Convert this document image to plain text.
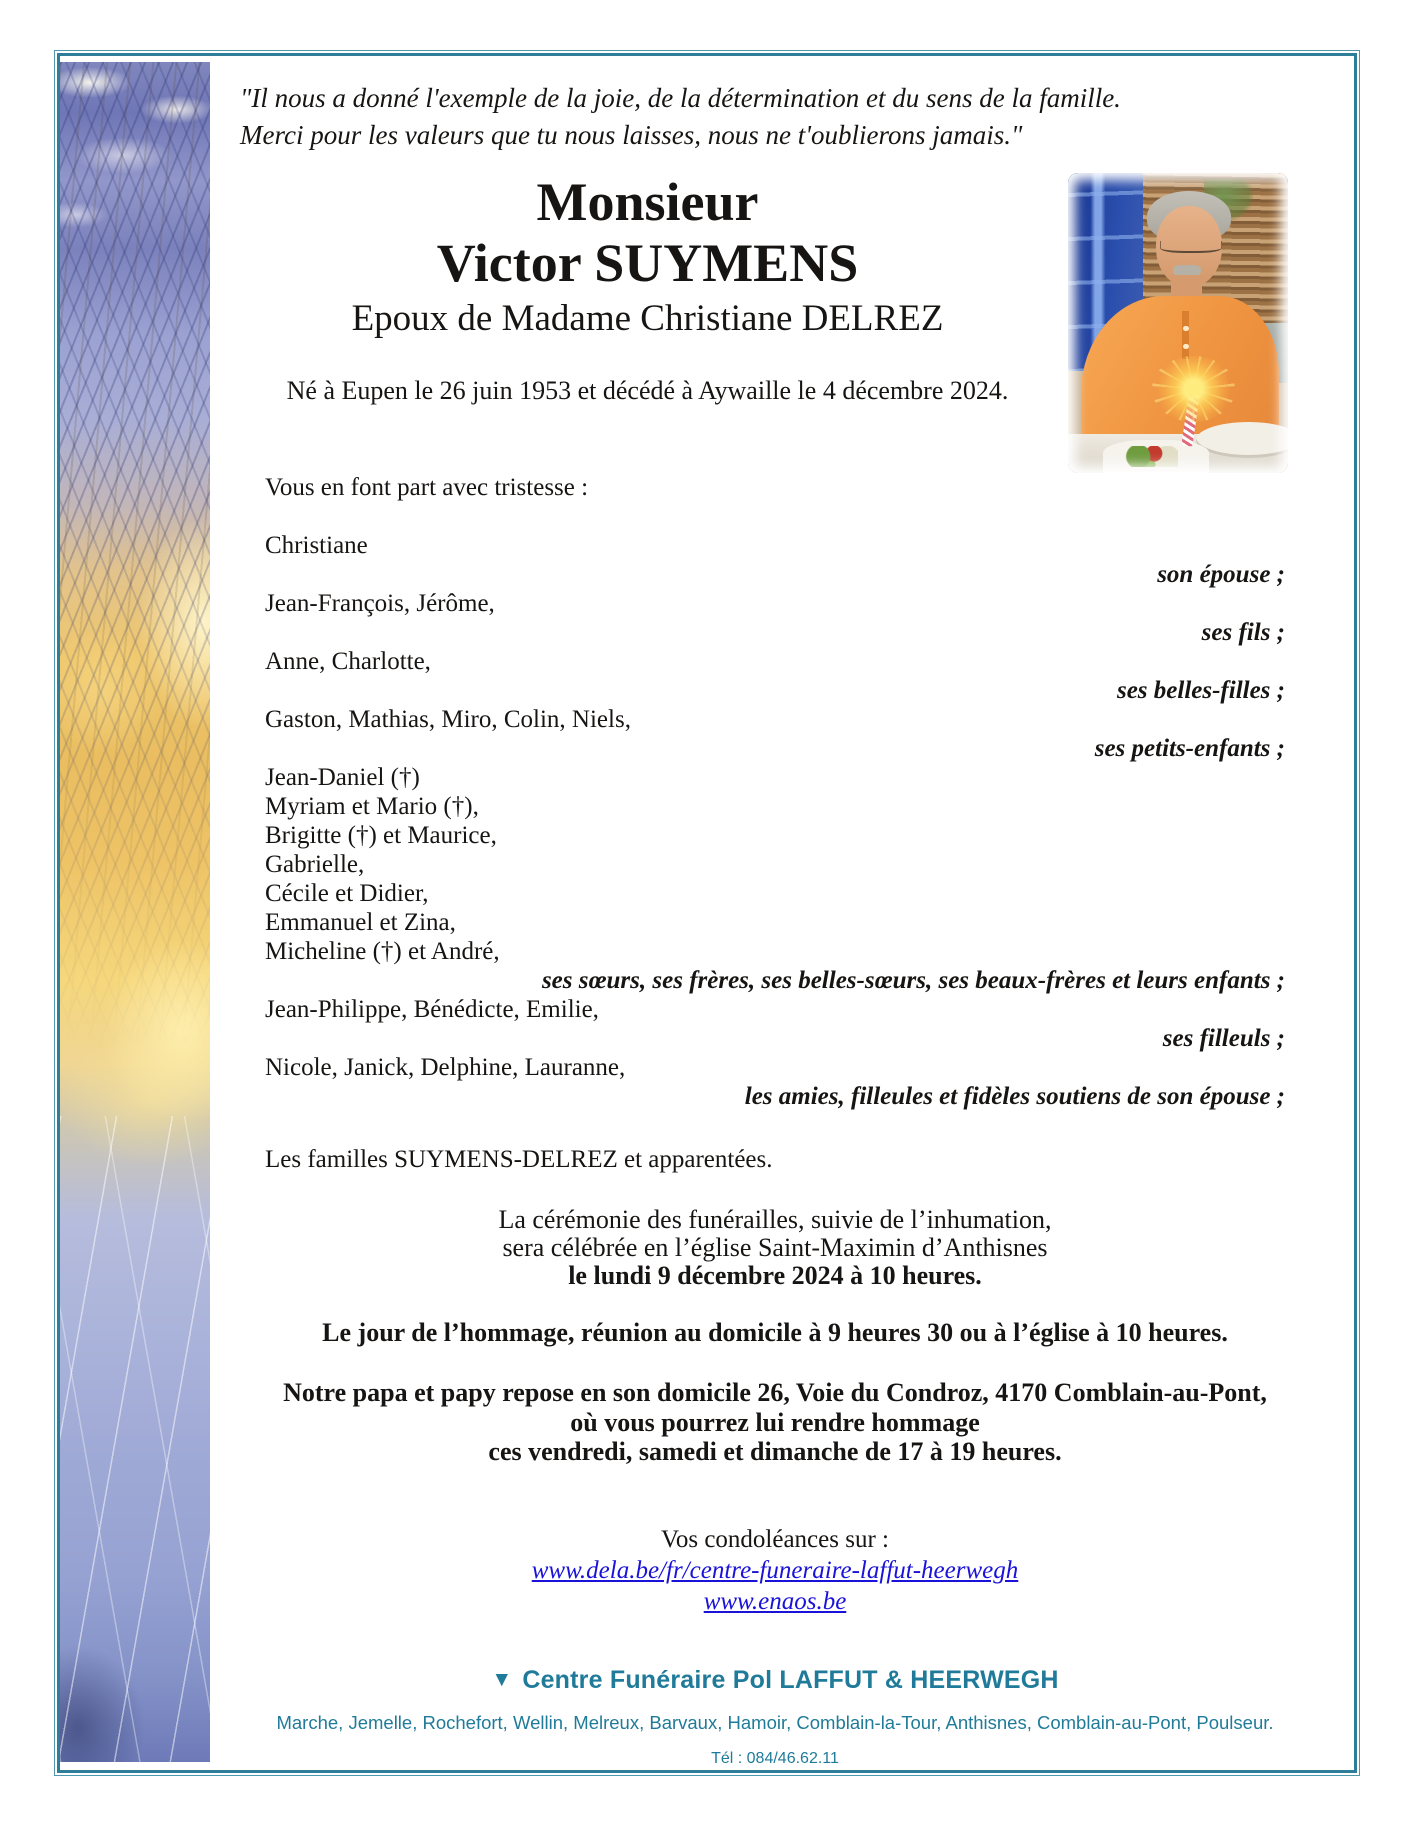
"Il nous a donné l'exemple de la joie, de la détermination et du sens de la famille.
Merci pour les valeurs que tu nous laisses, nous ne t'oublierons jamais."
Monsieur
Victor SUYMENS
Epoux de Madame Christiane DELREZ
Né à Eupen le 26 juin 1953 et décédé à Aywaille le 4 décembre 2024.
Vous en font part avec tristesse :
Christiane
son épouse ;
Jean-François, Jérôme,
ses fils ;
Anne, Charlotte,
ses belles-filles ;
Gaston, Mathias, Miro, Colin, Niels,
ses petits-enfants ;
Jean-Daniel (†)
Myriam et Mario (†),
Brigitte (†) et Maurice,
Gabrielle,
Cécile et Didier,
Emmanuel et Zina,
Micheline (†) et André,
ses sœurs, ses frères, ses belles-sœurs, ses beaux-frères et leurs enfants ;
Jean-Philippe, Bénédicte, Emilie,
ses filleuls ;
Nicole, Janick, Delphine, Lauranne,
les amies, filleules et fidèles soutiens de son épouse ;
Les familles SUYMENS-DELREZ et apparentées.
La cérémonie des funérailles, suivie de l’inhumation,
sera célébrée en l’église Saint-Maximin d’Anthisnes
le lundi 9 décembre 2024 à 10 heures.
Le jour de l’hommage, réunion au domicile à 9 heures 30 ou à l’église à 10 heures.
Notre papa et papy repose en son domicile 26, Voie du Condroz, 4170 Comblain-au-Pont,
où vous pourrez lui rendre hommage
ces vendredi, samedi et dimanche de 17 à 19 heures.
Vos condoléances sur :
www.dela.be/fr/centre-funeraire-laffut-heerwegh
www.enaos.be
▼ Centre Funéraire Pol LAFFUT & HEERWEGH
Marche, Jemelle, Rochefort, Wellin, Melreux, Barvaux, Hamoir, Comblain-la-Tour, Anthisnes, Comblain-au-Pont, Poulseur.
Tél : 084/46.62.11
